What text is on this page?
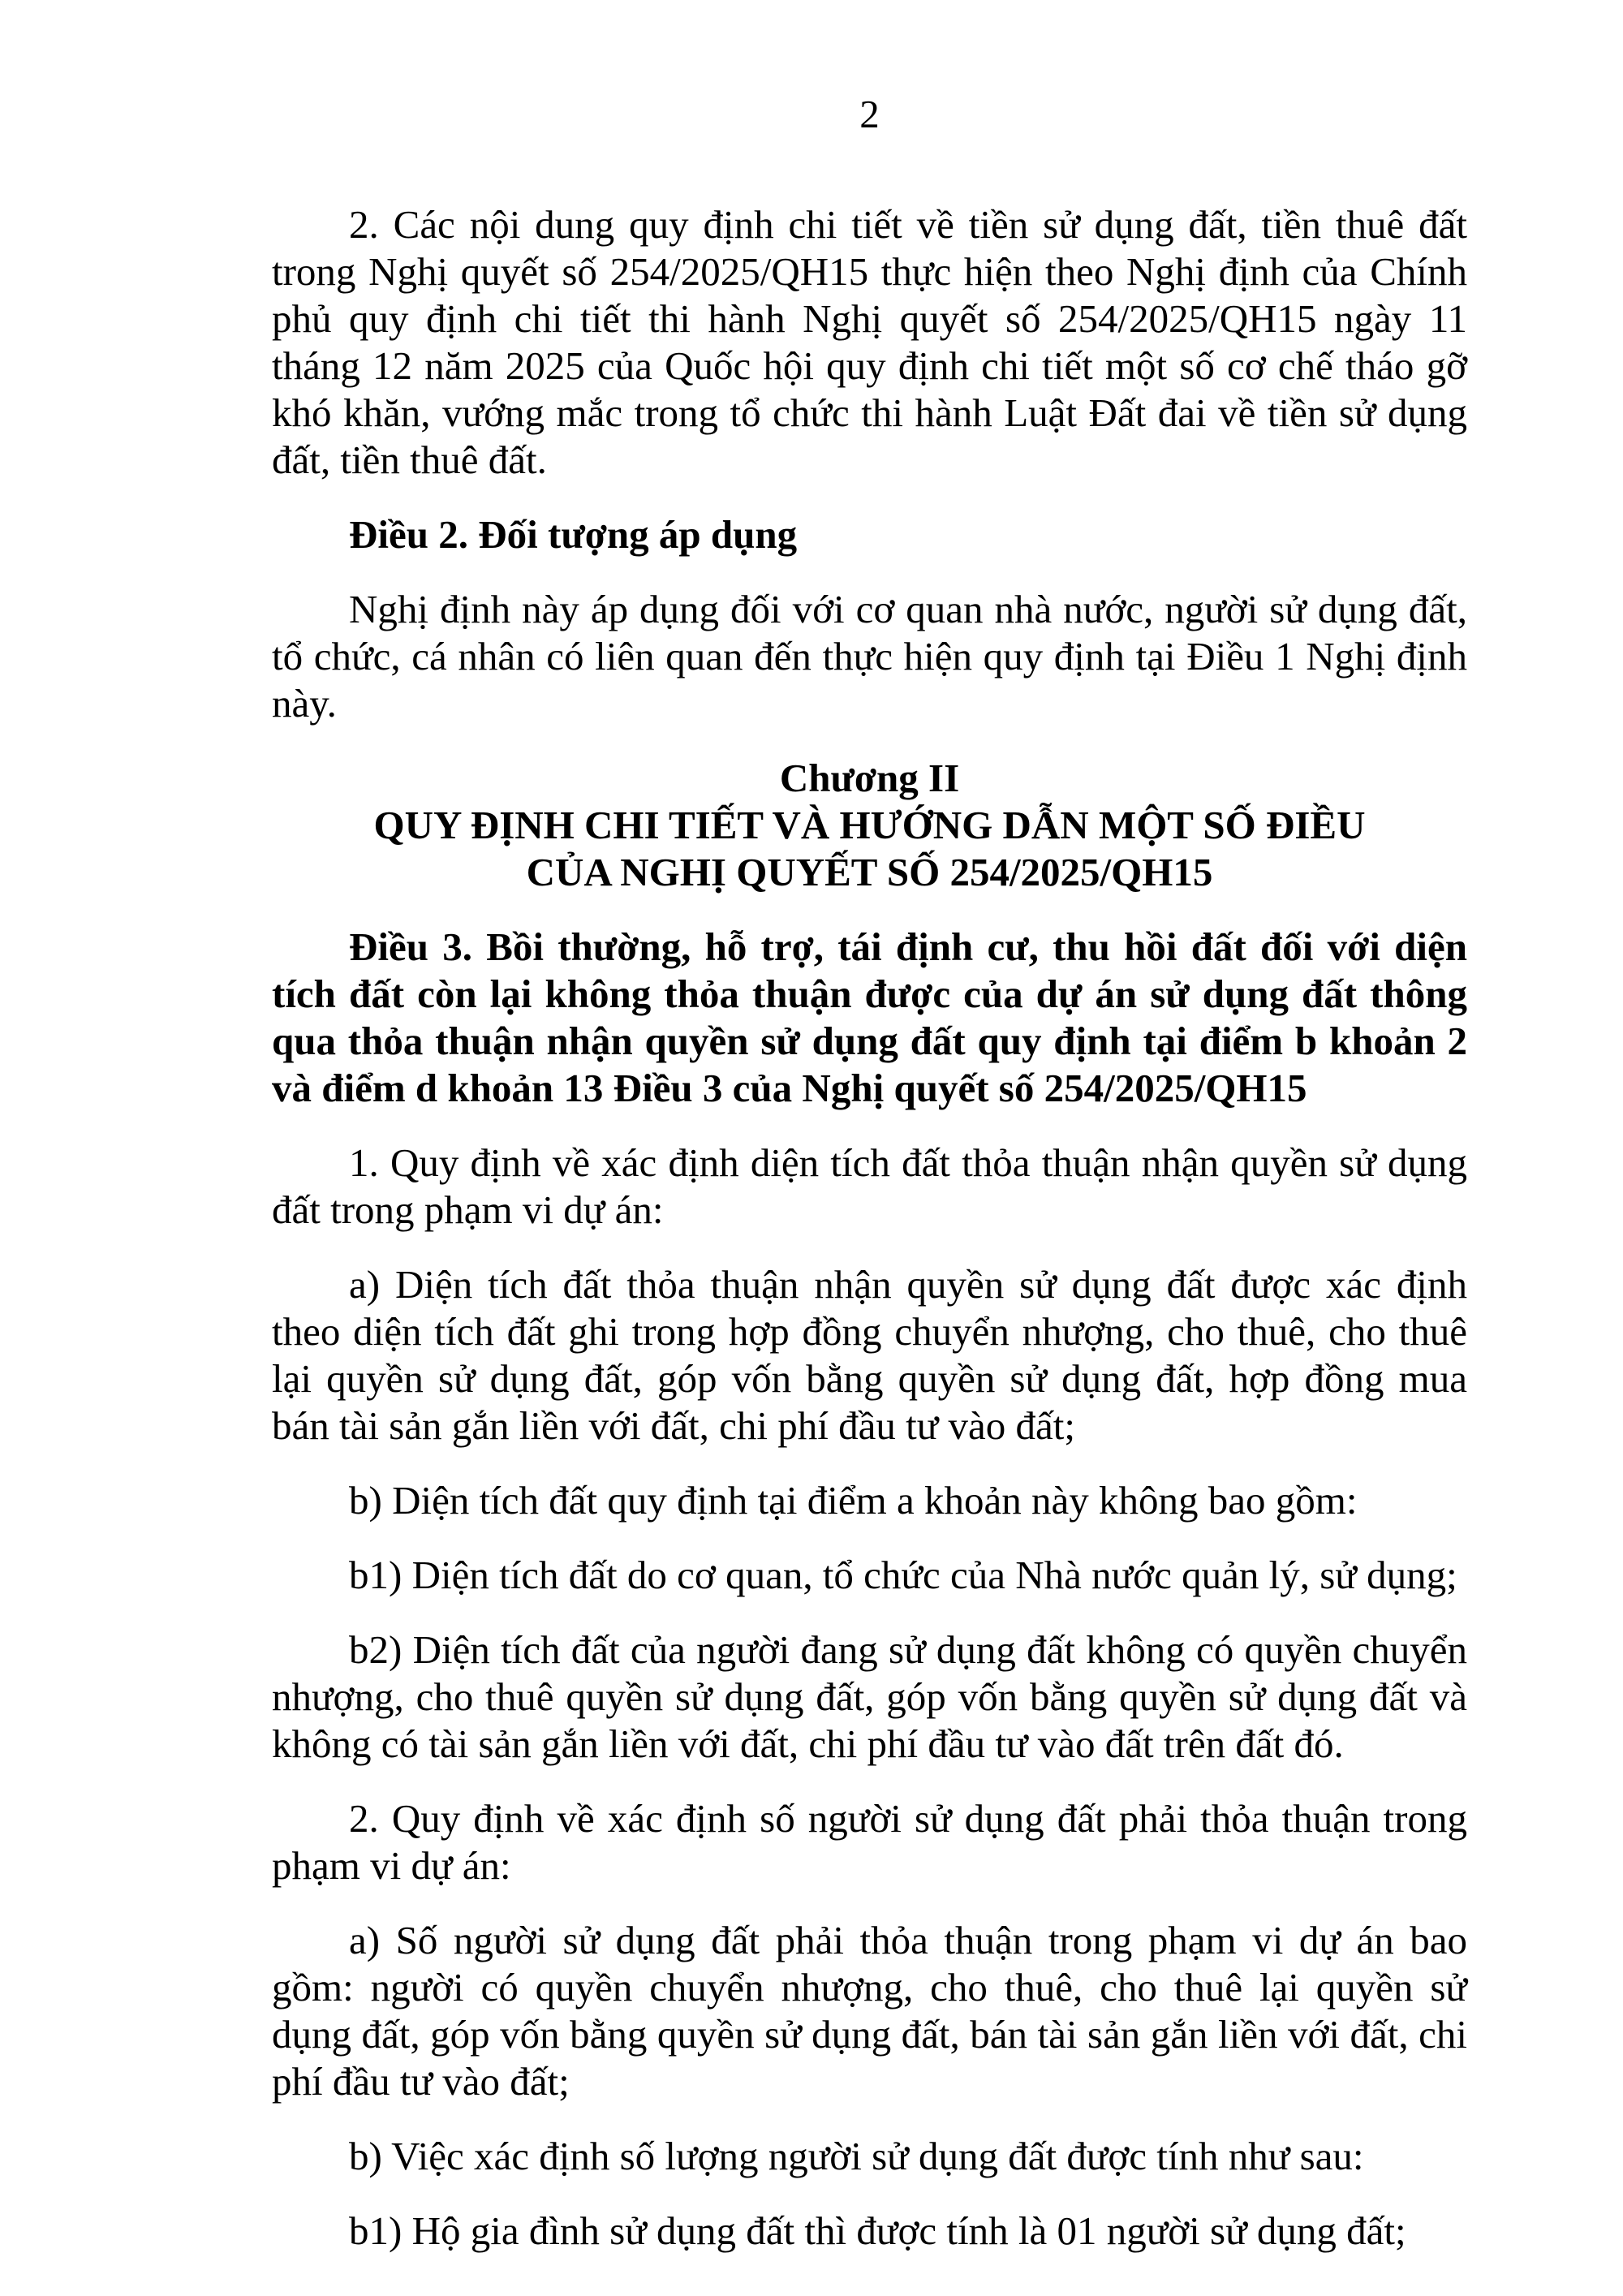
2

2. Các nội dung quy định chi tiết về tiền sử dụng đất, tiền thuê đất trong Nghị quyết số 254/2025/QH15 thực hiện theo Nghị định của Chính phủ quy định chi tiết thi hành Nghị quyết số 254/2025/QH15 ngày 11 tháng 12 năm 2025 của Quốc hội quy định chi tiết một số cơ chế tháo gỡ khó khăn, vướng mắc trong tổ chức thi hành Luật Đất đai về tiền sử dụng đất, tiền thuê đất.

Điều 2. Đối tượng áp dụng

Nghị định này áp dụng đối với cơ quan nhà nước, người sử dụng đất, tổ chức, cá nhân có liên quan đến thực hiện quy định tại Điều 1 Nghị định này.

Chương II
QUY ĐỊNH CHI TIẾT VÀ HƯỚNG DẪN MỘT SỐ ĐIỀU
CỦA NGHỊ QUYẾT SỐ 254/2025/QH15

Điều 3. Bồi thường, hỗ trợ, tái định cư, thu hồi đất đối với diện tích đất còn lại không thỏa thuận được của dự án sử dụng đất thông qua thỏa thuận nhận quyền sử dụng đất quy định tại điểm b khoản 2 và điểm d khoản 13 Điều 3 của Nghị quyết số 254/2025/QH15

1. Quy định về xác định diện tích đất thỏa thuận nhận quyền sử dụng đất trong phạm vi dự án:

a) Diện tích đất thỏa thuận nhận quyền sử dụng đất được xác định theo diện tích đất ghi trong hợp đồng chuyển nhượng, cho thuê, cho thuê lại quyền sử dụng đất, góp vốn bằng quyền sử dụng đất, hợp đồng mua bán tài sản gắn liền với đất, chi phí đầu tư vào đất;

b) Diện tích đất quy định tại điểm a khoản này không bao gồm:

b1) Diện tích đất do cơ quan, tổ chức của Nhà nước quản lý, sử dụng;

b2) Diện tích đất của người đang sử dụng đất không có quyền chuyển nhượng, cho thuê quyền sử dụng đất, góp vốn bằng quyền sử dụng đất và không có tài sản gắn liền với đất, chi phí đầu tư vào đất trên đất đó.

2. Quy định về xác định số người sử dụng đất phải thỏa thuận trong phạm vi dự án:

a) Số người sử dụng đất phải thỏa thuận trong phạm vi dự án bao gồm: người có quyền chuyển nhượng, cho thuê, cho thuê lại quyền sử dụng đất, góp vốn bằng quyền sử dụng đất, bán tài sản gắn liền với đất, chi phí đầu tư vào đất;

b) Việc xác định số lượng người sử dụng đất được tính như sau:

b1) Hộ gia đình sử dụng đất thì được tính là 01 người sử dụng đất;
